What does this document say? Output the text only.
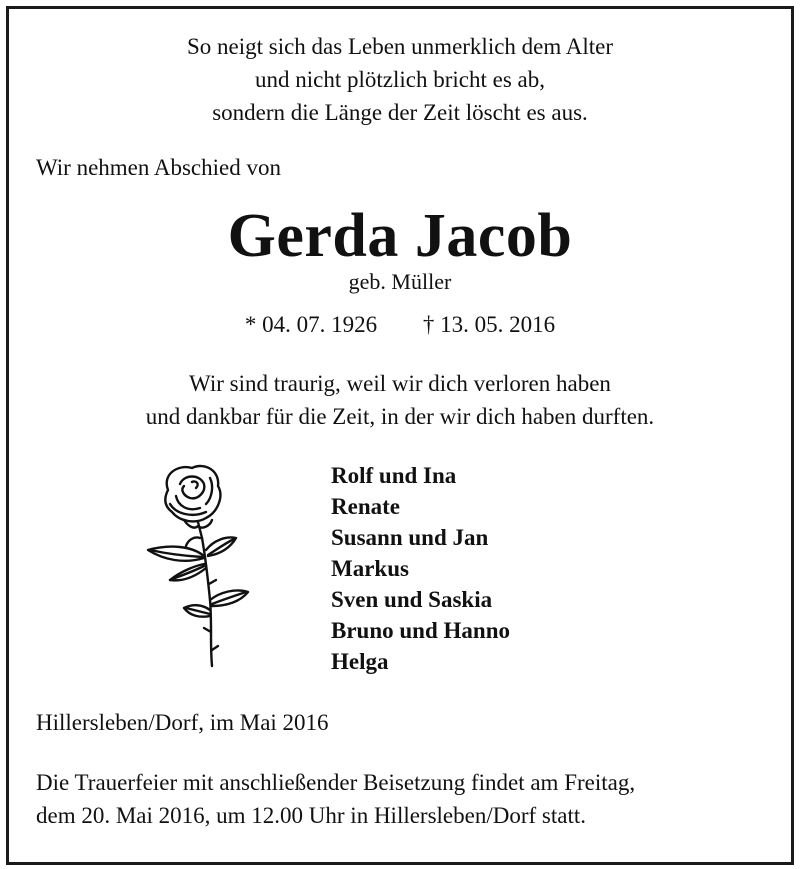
So neigt sich das Leben unmerklich dem Alter
und nicht plötzlich bricht es ab,
sondern die Länge der Zeit löscht es aus.
Wir nehmen Abschied von
Gerda Jacob
geb. Müller
* 04. 07. 1926 † 13. 05. 2016
Wir sind traurig, weil wir dich verloren haben
und dankbar für die Zeit, in der wir dich haben durften.
Rolf und Ina
Renate
Susann und Jan
Markus
Sven und Saskia
Bruno und Hanno
Helga
Hillersleben/Dorf, im Mai 2016
Die Trauerfeier mit anschließender Beisetzung findet am Freitag,
dem 20. Mai 2016, um 12.00 Uhr in Hillersleben/Dorf statt.
